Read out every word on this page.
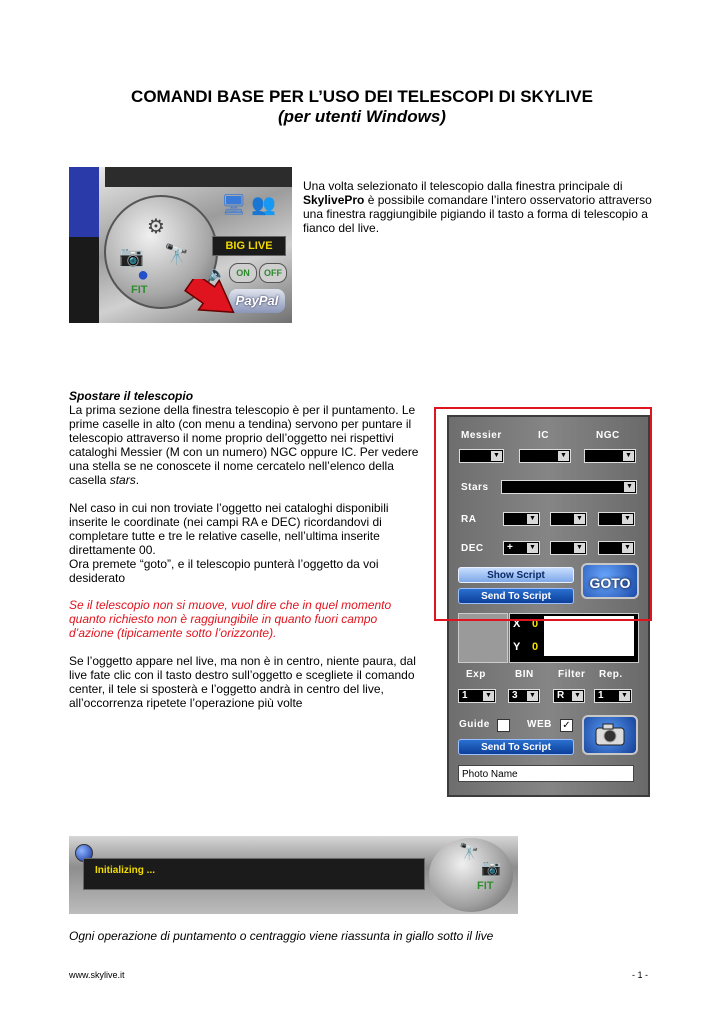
COMANDI BASE PER L’USO DEI TELESCOPI DI SKYLIVE
(per utenti Windows)
⚙
📷 🔭
●
🖥 👥
BIG LIVE
🔈	ON	OFF
FIT
PayPal
Una volta selezionato il telescopio dalla finestra principale di SkylivePro è possibile comandare l’intero osservatorio attraverso una finestra raggiungibile pigiando il tasto a forma di telescopio a fianco del live.
Spostare il telescopio
La prima sezione della finestra telescopio è per il puntamento. Le prime caselle in alto (con menu a tendina) servono per puntare il telescopio attraverso il nome proprio dell’oggetto nei rispettivi cataloghi Messier (M con un numero) NGC oppure IC. Per vedere una stella se ne conoscete il nome cercatelo nell’elenco della casella stars.
Nel caso in cui non troviate l’oggetto nei cataloghi disponibili inserite le coordinate (nei campi RA e DEC) ricordandovi di completare tutte e tre le relative caselle, nell’ultima inserite direttamente 00.
Ora premete “goto”, e il telescopio punterà l’oggetto da voi desiderato
Se il telescopio non si muove, vuol dire che in quel momento quanto richiesto non è raggiungibile in quanto fuori campo d’azione (tipicamente sotto l’orizzonte).
Se l’oggetto appare nel live, ma non è in centro, niente paura, dal live fate clic con il tasto destro sull’oggetto e scegliete il comando center, il tele si sposterà e l’oggetto andrà in centro del live, all’occorrenza ripetete l’operazione più volte
Messier	IC	NGC
▼	▼	▼
Stars	▼
RA	▼	▼	▼
DEC + ▼	▼	▼
Show Script
Send To Script
GOTO
X 0
Y 0
Exp	BIN Filter Rep.
1 ▼ 3 ▼ R ▼ 1 ▼
Guide	WEB ✓
Send To Script
Photo Name
Initializing ...
🔭
📷
FIT
Ogni operazione di puntamento o centraggio viene riassunta in giallo sotto il live
www.skylive.it	- 1 -
